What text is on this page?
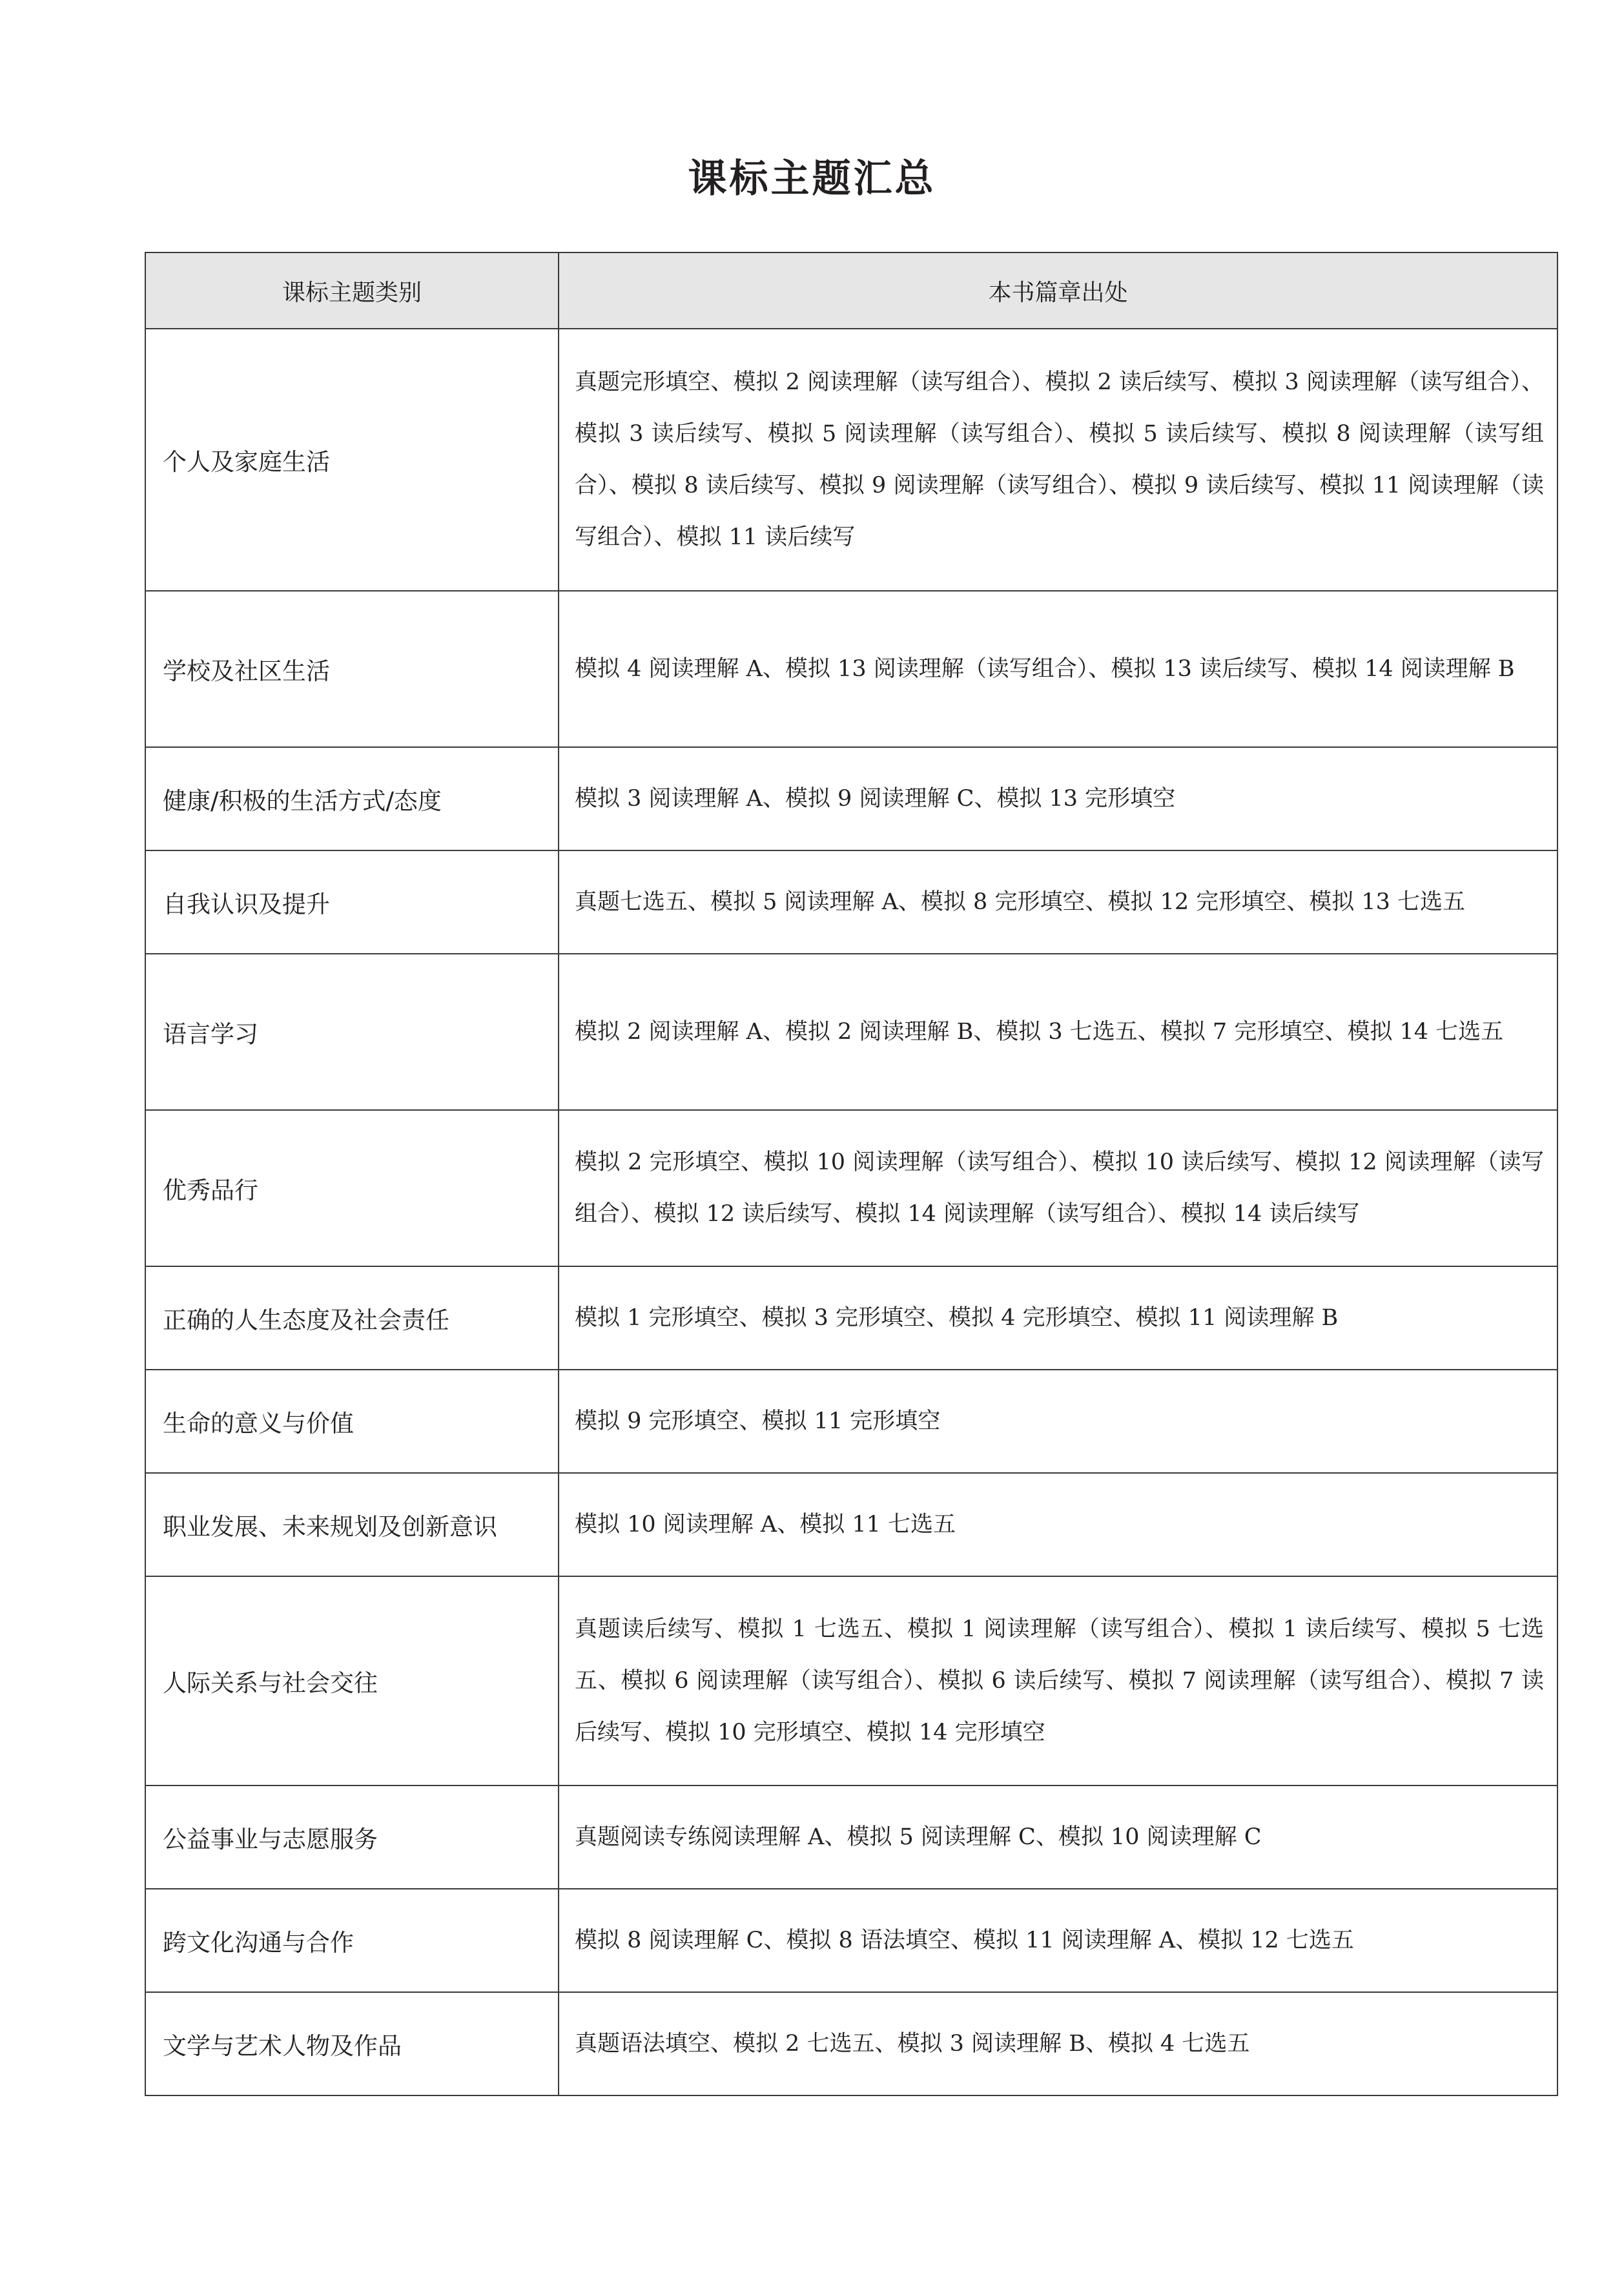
课标主题汇总
课标主题类别	本书篇章出处
个人及家庭生活	真题完形填空、模拟 2 阅读理解（读写组合）、模拟 2 读后续写、模拟 3 阅读理解（读写组合）、模拟 3 读后续写、模拟 5 阅读理解（读写组合）、模拟 5 读后续写、模拟 8 阅读理解（读写组合）、模拟 8 读后续写、模拟 9 阅读理解（读写组合）、模拟 9 读后续写、模拟 11 阅读理解（读写组合）、模拟 11 读后续写
学校及社区生活	模拟 4 阅读理解 A、模拟 13 阅读理解（读写组合）、模拟 13 读后续写、模拟 14 阅读理解 B
健康/积极的生活方式/态度	模拟 3 阅读理解 A、模拟 9 阅读理解 C、模拟 13 完形填空
自我认识及提升	真题七选五、模拟 5 阅读理解 A、模拟 8 完形填空、模拟 12 完形填空、模拟 13 七选五
语言学习	模拟 2 阅读理解 A、模拟 2 阅读理解 B、模拟 3 七选五、模拟 7 完形填空、模拟 14 七选五
优秀品行	模拟 2 完形填空、模拟 10 阅读理解（读写组合）、模拟 10 读后续写、模拟 12 阅读理解（读写组合）、模拟 12 读后续写、模拟 14 阅读理解（读写组合）、模拟 14 读后续写
正确的人生态度及社会责任	模拟 1 完形填空、模拟 3 完形填空、模拟 4 完形填空、模拟 11 阅读理解 B
生命的意义与价值	模拟 9 完形填空、模拟 11 完形填空
职业发展、未来规划及创新意识	模拟 10 阅读理解 A、模拟 11 七选五
人际关系与社会交往	真题读后续写、模拟 1 七选五、模拟 1 阅读理解（读写组合）、模拟 1 读后续写、模拟 5 七选五、模拟 6 阅读理解（读写组合）、模拟 6 读后续写、模拟 7 阅读理解（读写组合）、模拟 7 读后续写、模拟 10 完形填空、模拟 14 完形填空
公益事业与志愿服务	真题阅读专练阅读理解 A、模拟 5 阅读理解 C、模拟 10 阅读理解 C
跨文化沟通与合作	模拟 8 阅读理解 C、模拟 8 语法填空、模拟 11 阅读理解 A、模拟 12 七选五
文学与艺术人物及作品	真题语法填空、模拟 2 七选五、模拟 3 阅读理解 B、模拟 4 七选五
